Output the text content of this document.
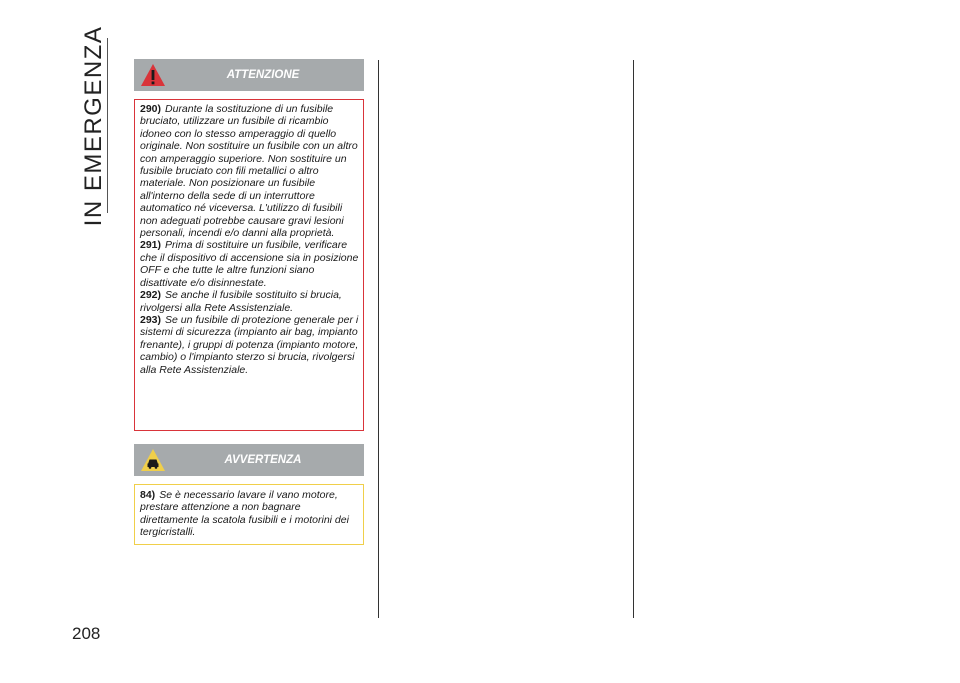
IN EMERGENZA
208
ATTENZIONE

290) Durante la sostituzione di un fusibile bruciato, utilizzare un fusibile di ricambio idoneo con lo stesso amperaggio di quello originale. Non sostituire un fusibile con un altro con amperaggio superiore. Non sostituire un fusibile bruciato con fili metallici o altro materiale. Non posizionare un fusibile all'interno della sede di un interruttore automatico né viceversa. L'utilizzo di fusibili non adeguati potrebbe causare gravi lesioni personali, incendi e/o danni alla proprietà.

291) Prima di sostituire un fusibile, verificare che il dispositivo di accensione sia in posizione OFF e che tutte le altre funzioni siano disattivate e/o disinnestate.

292) Se anche il fusibile sostituito si brucia, rivolgersi alla Rete Assistenziale.

293) Se un fusibile di protezione generale per i sistemi di sicurezza (impianto air bag, impianto frenante), i gruppi di potenza (impianto motore, cambio) o l'impianto sterzo si brucia, rivolgersi alla Rete Assistenziale.

AVVERTENZA

84) Se è necessario lavare il vano motore, prestare attenzione a non bagnare direttamente la scatola fusibili e i motorini dei tergicristalli.
